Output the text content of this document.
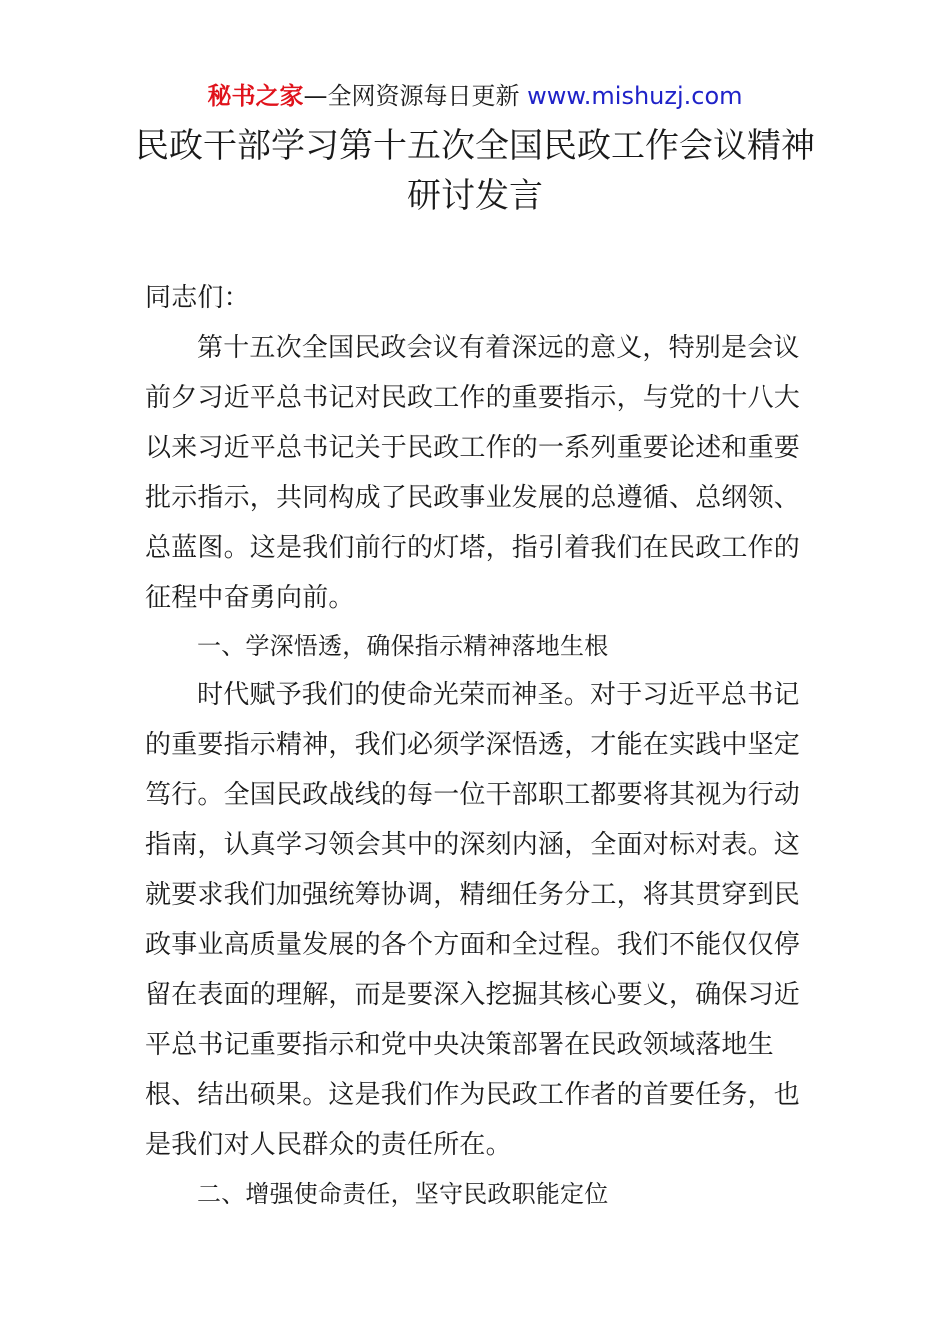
秘书之家—全网资源每日更新 www.mishuzj.com
民政干部学习第十五次全国民政工作会议精神
研讨发言
同志们：
第十五次全国民政会议有着深远的意义，特别是会议
前夕习近平总书记对民政工作的重要指示，与党的十八大
以来习近平总书记关于民政工作的一系列重要论述和重要
批示指示，共同构成了民政事业发展的总遵循、总纲领、
总蓝图。这是我们前行的灯塔，指引着我们在民政工作的
征程中奋勇向前。
一、学深悟透，确保指示精神落地生根
时代赋予我们的使命光荣而神圣。对于习近平总书记
的重要指示精神，我们必须学深悟透，才能在实践中坚定
笃行。全国民政战线的每一位干部职工都要将其视为行动
指南，认真学习领会其中的深刻内涵，全面对标对表。这
就要求我们加强统筹协调，精细任务分工，将其贯穿到民
政事业高质量发展的各个方面和全过程。我们不能仅仅停
留在表面的理解，而是要深入挖掘其核心要义，确保习近
平总书记重要指示和党中央决策部署在民政领域落地生
根、结出硕果。这是我们作为民政工作者的首要任务，也
是我们对人民群众的责任所在。
二、增强使命责任，坚守民政职能定位
